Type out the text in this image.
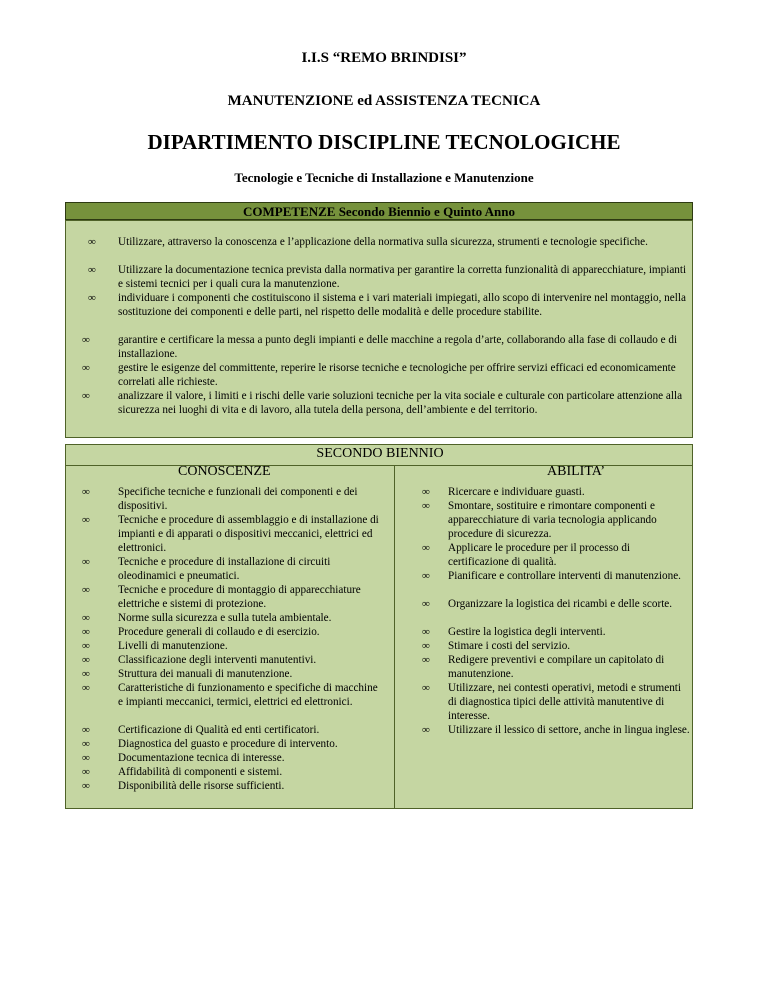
I.I.S “REMO BRINDISI”
MANUTENZIONE ed ASSISTENZA TECNICA
DIPARTIMENTO DISCIPLINE TECNOLOGICHE
Tecnologie e Tecniche di Installazione e Manutenzione
COMPETENZE Secondo Biennio e Quinto Anno
∞ Utilizzare, attraverso la conoscenza e l’applicazione della normativa sulla sicurezza, strumenti e tecnologie specifiche.
∞ Utilizzare la documentazione tecnica prevista dalla normativa per garantire la corretta funzionalità di apparecchiature, impianti e sistemi tecnici per i quali cura la manutenzione.
∞ individuare i componenti che costituiscono il sistema e i vari materiali impiegati, allo scopo di intervenire nel montaggio, nella sostituzione dei componenti e delle parti, nel rispetto delle modalità e delle procedure stabilite.
∞	garantire e certificare la messa a punto degli impianti e delle macchine a regola d’arte, collaborando alla fase di collaudo e di installazione.
∞	gestire le esigenze del committente, reperire le risorse tecniche e tecnologiche per offrire servizi efficaci ed economicamente correlati alle richieste.
∞	analizzare il valore, i limiti e i rischi delle varie soluzioni tecniche per la vita sociale e culturale con particolare attenzione alla sicurezza nei luoghi di vita e di lavoro, alla tutela della persona, dell’ambiente e del territorio.
SECONDO BIENNIO
CONOSCENZE	ABILITA’
∞	Specifiche tecniche e funzionali dei componenti e dei dispositivi.
∞	Tecniche e procedure di assemblaggio e di installazione di impianti e di apparati o dispositivi meccanici, elettrici ed elettronici.
∞	Tecniche e procedure di installazione di circuiti oleodinamici e pneumatici.
∞	Tecniche e procedure di montaggio di apparecchiature elettriche e sistemi di protezione.
∞	Norme sulla sicurezza e sulla tutela ambientale.
∞	Procedure generali di collaudo e di esercizio.
∞	Livelli di manutenzione.
∞	Classificazione degli interventi manutentivi.
∞	Struttura dei manuali di manutenzione.
∞	Caratteristiche di funzionamento e specifiche di macchine e impianti meccanici, termici, elettrici ed elettronici.
∞	Certificazione di Qualità ed enti certificatori.
∞	Diagnostica del guasto e procedure di intervento.
∞	Documentazione tecnica di interesse.
∞	Affidabilità di componenti e sistemi.
∞	Disponibilità delle risorse sufficienti.
∞ Ricercare e individuare guasti.
∞ Smontare, sostituire e rimontare componenti e apparecchiature di varia tecnologia applicando procedure di sicurezza.
∞ Applicare le procedure per il processo di certificazione di qualità.
∞ Pianificare e controllare interventi di manutenzione.
∞ Organizzare la logistica dei ricambi e delle scorte.
∞ Gestire la logistica degli interventi.
∞ Stimare i costi del servizio.
∞ Redigere preventivi e compilare un capitolato di manutenzione.
∞ Utilizzare, nei contesti operativi, metodi e strumenti di diagnostica tipici delle attività manutentive di interesse.
∞ Utilizzare il lessico di settore, anche in lingua inglese.
